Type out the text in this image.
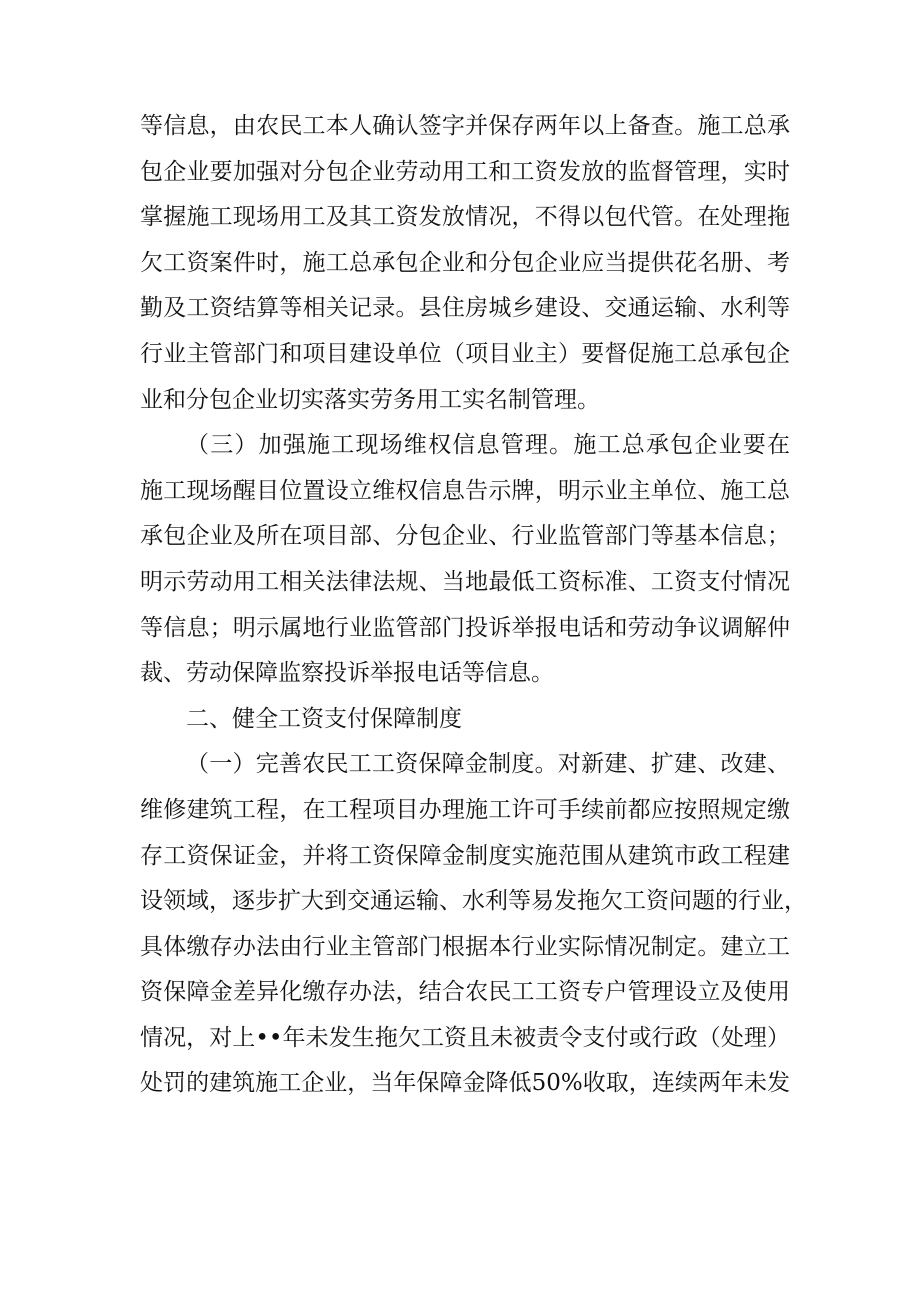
等信息，由农民工本人确认签字并保存两年以上备查。施工总承
包企业要加强对分包企业劳动用工和工资发放的监督管理，实时
掌握施工现场用工及其工资发放情况，不得以包代管。在处理拖
欠工资案件时，施工总承包企业和分包企业应当提供花名册、考
勤及工资结算等相关记录。县住房城乡建设、交通运输、水利等
行业主管部门和项目建设单位（项目业主）要督促施工总承包企
业和分包企业切实落实劳务用工实名制管理。
（三）加强施工现场维权信息管理。施工总承包企业要在
施工现场醒目位置设立维权信息告示牌，明示业主单位、施工总
承包企业及所在项目部、分包企业、行业监管部门等基本信息；
明示劳动用工相关法律法规、当地最低工资标准、工资支付情况
等信息；明示属地行业监管部门投诉举报电话和劳动争议调解仲
裁、劳动保障监察投诉举报电话等信息。
二、健全工资支付保障制度
（一）完善农民工工资保障金制度。对新建、扩建、改建、
维修建筑工程，在工程项目办理施工许可手续前都应按照规定缴
存工资保证金，并将工资保障金制度实施范围从建筑市政工程建
设领域，逐步扩大到交通运输、水利等易发拖欠工资问题的行业，
具体缴存办法由行业主管部门根据本行业实际情况制定。建立工
资保障金差异化缴存办法，结合农民工工资专户管理设立及使用
情况，对上••年未发生拖欠工资且未被责令支付或行政（处理）
处罚的建筑施工企业，当年保障金降低50%收取，连续两年未发
